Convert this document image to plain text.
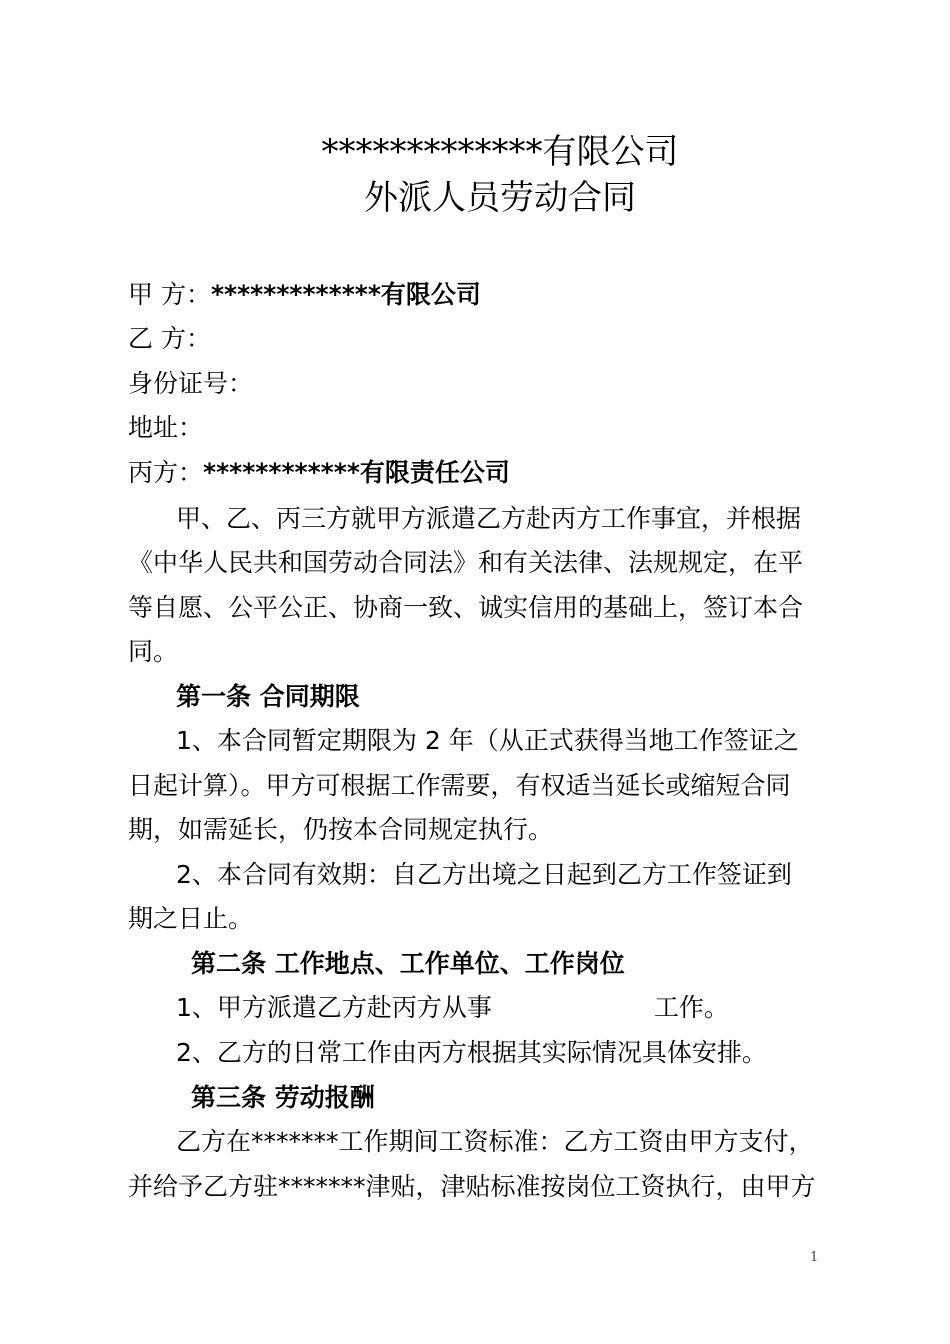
*************有限公司
外派人员劳动合同
甲 方：*************有限公司
乙 方：
身份证号：
地址：
丙方：************有限责任公司
甲、乙、丙三方就甲方派遣乙方赴丙方工作事宜，并根据
《中华人民共和国劳动合同法》和有关法律、法规规定，在平
等自愿、公平公正、协商一致、诚实信用的基础上，签订本合
同。
第一条 合同期限
1、本合同暂定期限为 2 年（从正式获得当地工作签证之
日起计算）。甲方可根据工作需要，有权适当延长或缩短合同
期，如需延长，仍按本合同规定执行。
2、本合同有效期：自乙方出境之日起到乙方工作签证到
期之日止。
第二条 工作地点、工作单位、工作岗位
1、甲方派遣乙方赴丙方从事	工作。
2、乙方的日常工作由丙方根据其实际情况具体安排。
第三条 劳动报酬
乙方在*******工作期间工资标准：乙方工资由甲方支付，
并给予乙方驻*******津贴，津贴标准按岗位工资执行，由甲方
1
